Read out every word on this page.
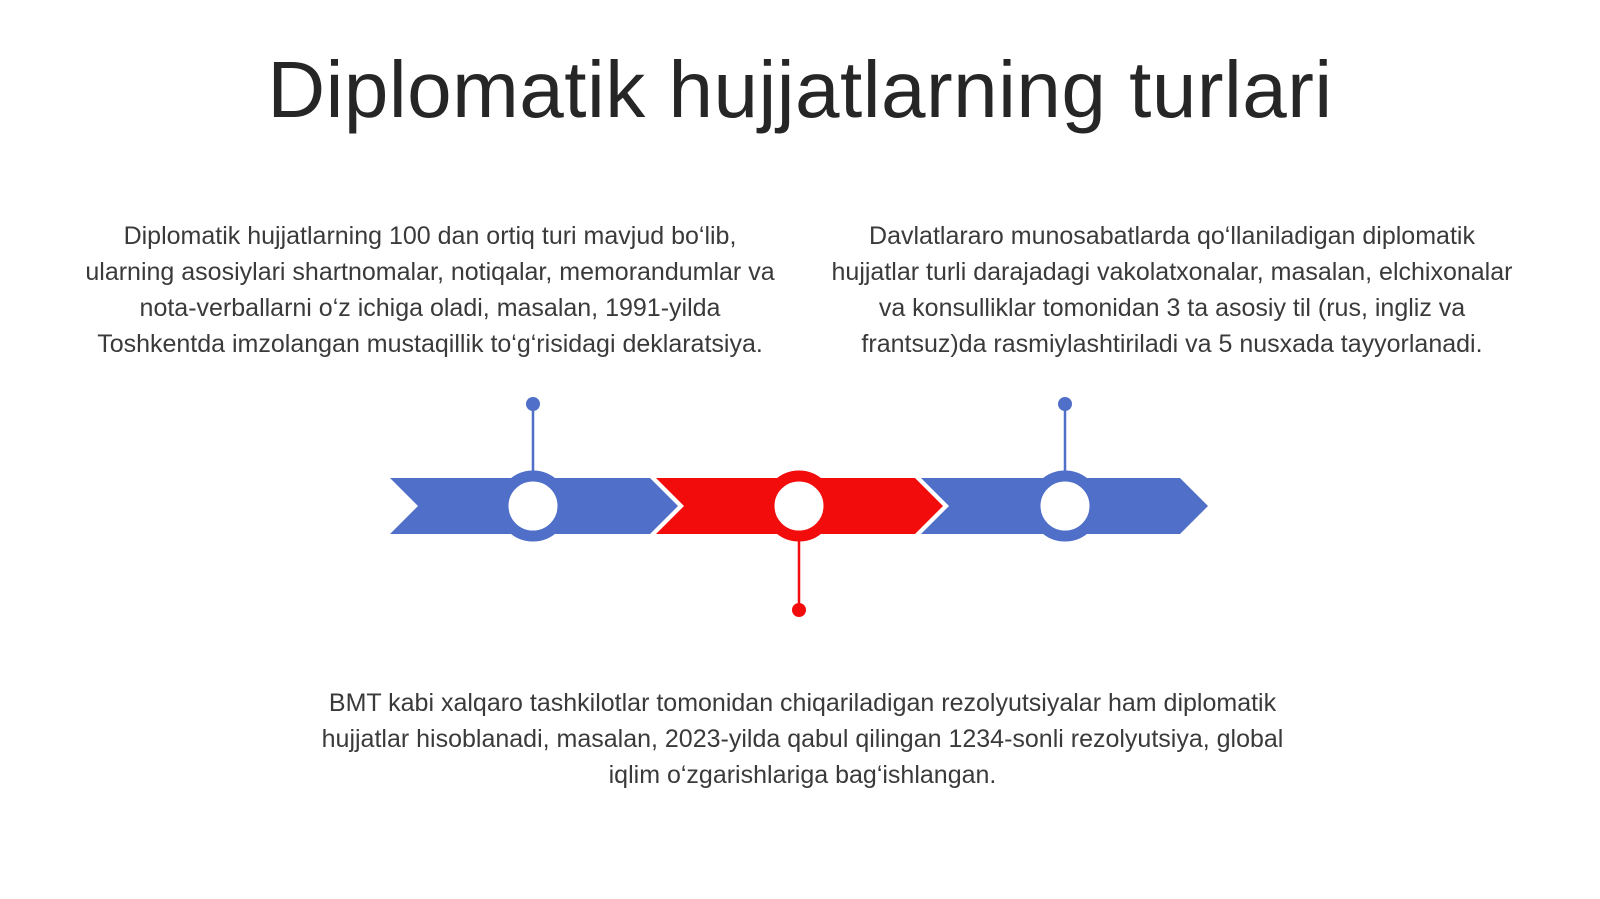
Diplomatik hujjatlarning turlari
Diplomatik hujjatlarning 100 dan ortiq turi mavjud bo‘lib, ularning asosiylari shartnomalar, notiqalar, memorandumlar va nota-verballarni o‘z ichiga oladi, masalan, 1991-yilda Toshkentda imzolangan mustaqillik to‘g‘risidagi deklaratsiya.
Davlatlararo munosabatlarda qo‘llaniladigan diplomatik hujjatlar turli darajadagi vakolatxonalar, masalan, elchixonalar va konsulliklar tomonidan 3 ta asosiy til (rus, ingliz va frantsuz)da rasmiylashtiriladi va 5 nusxada tayyorlanadi.
BMT kabi xalqaro tashkilotlar tomonidan chiqariladigan rezolyutsiyalar ham diplomatik hujjatlar hisoblanadi, masalan, 2023-yilda qabul qilingan 1234-sonli rezolyutsiya, global iqlim o‘zgarishlariga bag‘ishlangan.
